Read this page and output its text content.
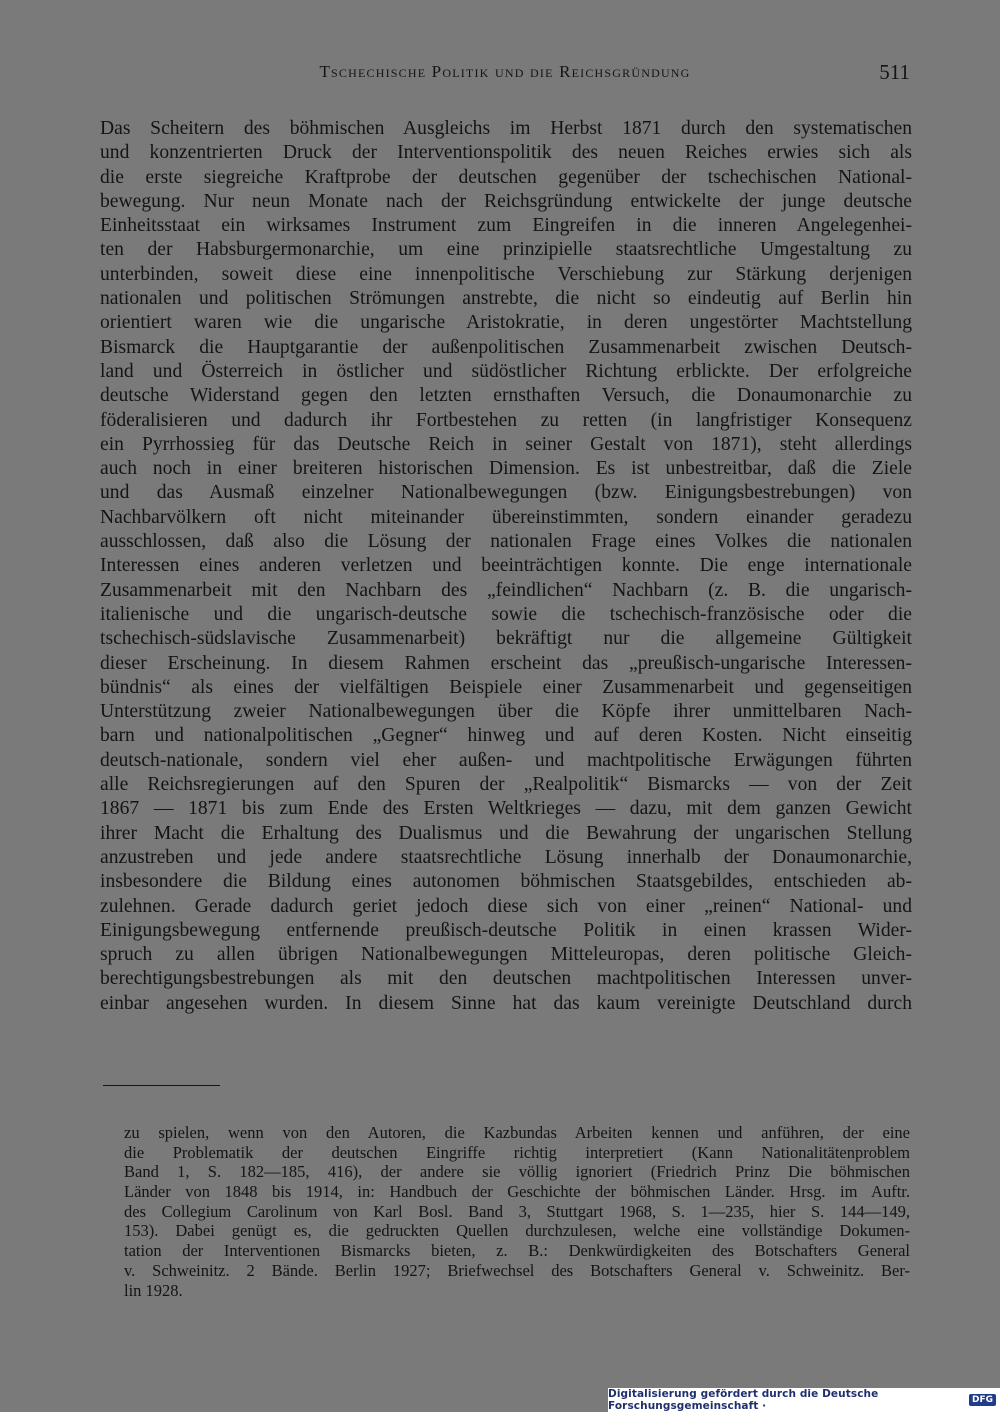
Tschechische Politik und die Reichsgründung	511
Das Scheitern des böhmischen Ausgleichs im Herbst 1871 durch den systematischen
und konzentrierten Druck der Interventionspolitik des neuen Reiches erwies sich als
die erste siegreiche Kraftprobe der deutschen gegenüber der tschechischen National-
bewegung. Nur neun Monate nach der Reichsgründung entwickelte der junge deutsche
Einheitsstaat ein wirksames Instrument zum Eingreifen in die inneren Angelegenhei-
ten der Habsburgermonarchie, um eine prinzipielle staatsrechtliche Umgestaltung zu
unterbinden, soweit diese eine innenpolitische Verschiebung zur Stärkung derjenigen
nationalen und politischen Strömungen anstrebte, die nicht so eindeutig auf Berlin hin
orientiert waren wie die ungarische Aristokratie, in deren ungestörter Machtstellung
Bismarck die Hauptgarantie der außenpolitischen Zusammenarbeit zwischen Deutsch-
land und Österreich in östlicher und südöstlicher Richtung erblickte. Der erfolgreiche
deutsche Widerstand gegen den letzten ernsthaften Versuch, die Donaumonarchie zu
föderalisieren und dadurch ihr Fortbestehen zu retten (in langfristiger Konsequenz
ein Pyrrhossieg für das Deutsche Reich in seiner Gestalt von 1871), steht allerdings
auch noch in einer breiteren historischen Dimension. Es ist unbestreitbar, daß die Ziele
und das Ausmaß einzelner Nationalbewegungen (bzw. Einigungsbestrebungen) von
Nachbarvölkern oft nicht miteinander übereinstimmten, sondern einander geradezu
ausschlossen, daß also die Lösung der nationalen Frage eines Volkes die nationalen
Interessen eines anderen verletzen und beeinträchtigen konnte. Die enge internationale
Zusammenarbeit mit den Nachbarn des „feindlichen“ Nachbarn (z. B. die ungarisch-
italienische und die ungarisch-deutsche sowie die tschechisch-französische oder die
tschechisch-südslavische Zusammenarbeit) bekräftigt nur die allgemeine Gültigkeit
dieser Erscheinung. In diesem Rahmen erscheint das „preußisch-ungarische Interessen-
bündnis“ als eines der vielfältigen Beispiele einer Zusammenarbeit und gegenseitigen
Unterstützung zweier Nationalbewegungen über die Köpfe ihrer unmittelbaren Nach-
barn und nationalpolitischen „Gegner“ hinweg und auf deren Kosten. Nicht einseitig
deutsch-nationale, sondern viel eher außen- und machtpolitische Erwägungen führten
alle Reichsregierungen auf den Spuren der „Realpolitik“ Bismarcks — von der Zeit
1867 — 1871 bis zum Ende des Ersten Weltkrieges — dazu, mit dem ganzen Gewicht
ihrer Macht die Erhaltung des Dualismus und die Bewahrung der ungarischen Stellung
anzustreben und jede andere staatsrechtliche Lösung innerhalb der Donaumonarchie,
insbesondere die Bildung eines autonomen böhmischen Staatsgebildes, entschieden ab-
zulehnen. Gerade dadurch geriet jedoch diese sich von einer „reinen“ National- und
Einigungsbewegung entfernende preußisch-deutsche Politik in einen krassen Wider-
spruch zu allen übrigen Nationalbewegungen Mitteleuropas, deren politische Gleich-
berechtigungsbestrebungen als mit den deutschen machtpolitischen Interessen unver-
einbar angesehen wurden. In diesem Sinne hat das kaum vereinigte Deutschland durch
zu spielen, wenn von den Autoren, die Kazbundas Arbeiten kennen und anführen, der eine
die Problematik der deutschen Eingriffe richtig interpretiert (Kann Nationalitätenproblem
Band 1, S. 182—185, 416), der andere sie völlig ignoriert (Friedrich Prinz Die böhmischen
Länder von 1848 bis 1914, in: Handbuch der Geschichte der böhmischen Länder. Hrsg. im Auftr.
des Collegium Carolinum von Karl Bosl. Band 3, Stuttgart 1968, S. 1—235, hier S. 144—149,
153). Dabei genügt es, die gedruckten Quellen durchzulesen, welche eine vollständige Dokumen-
tation der Interventionen Bismarcks bieten, z. B.: Denkwürdigkeiten des Botschafters General
v. Schweinitz. 2 Bände. Berlin 1927; Briefwechsel des Botschafters General v. Schweinitz. Ber-
lin 1928.
Digitalisierung gefördert durch die Deutsche Forschungsgemeinschaft ·	DFG
